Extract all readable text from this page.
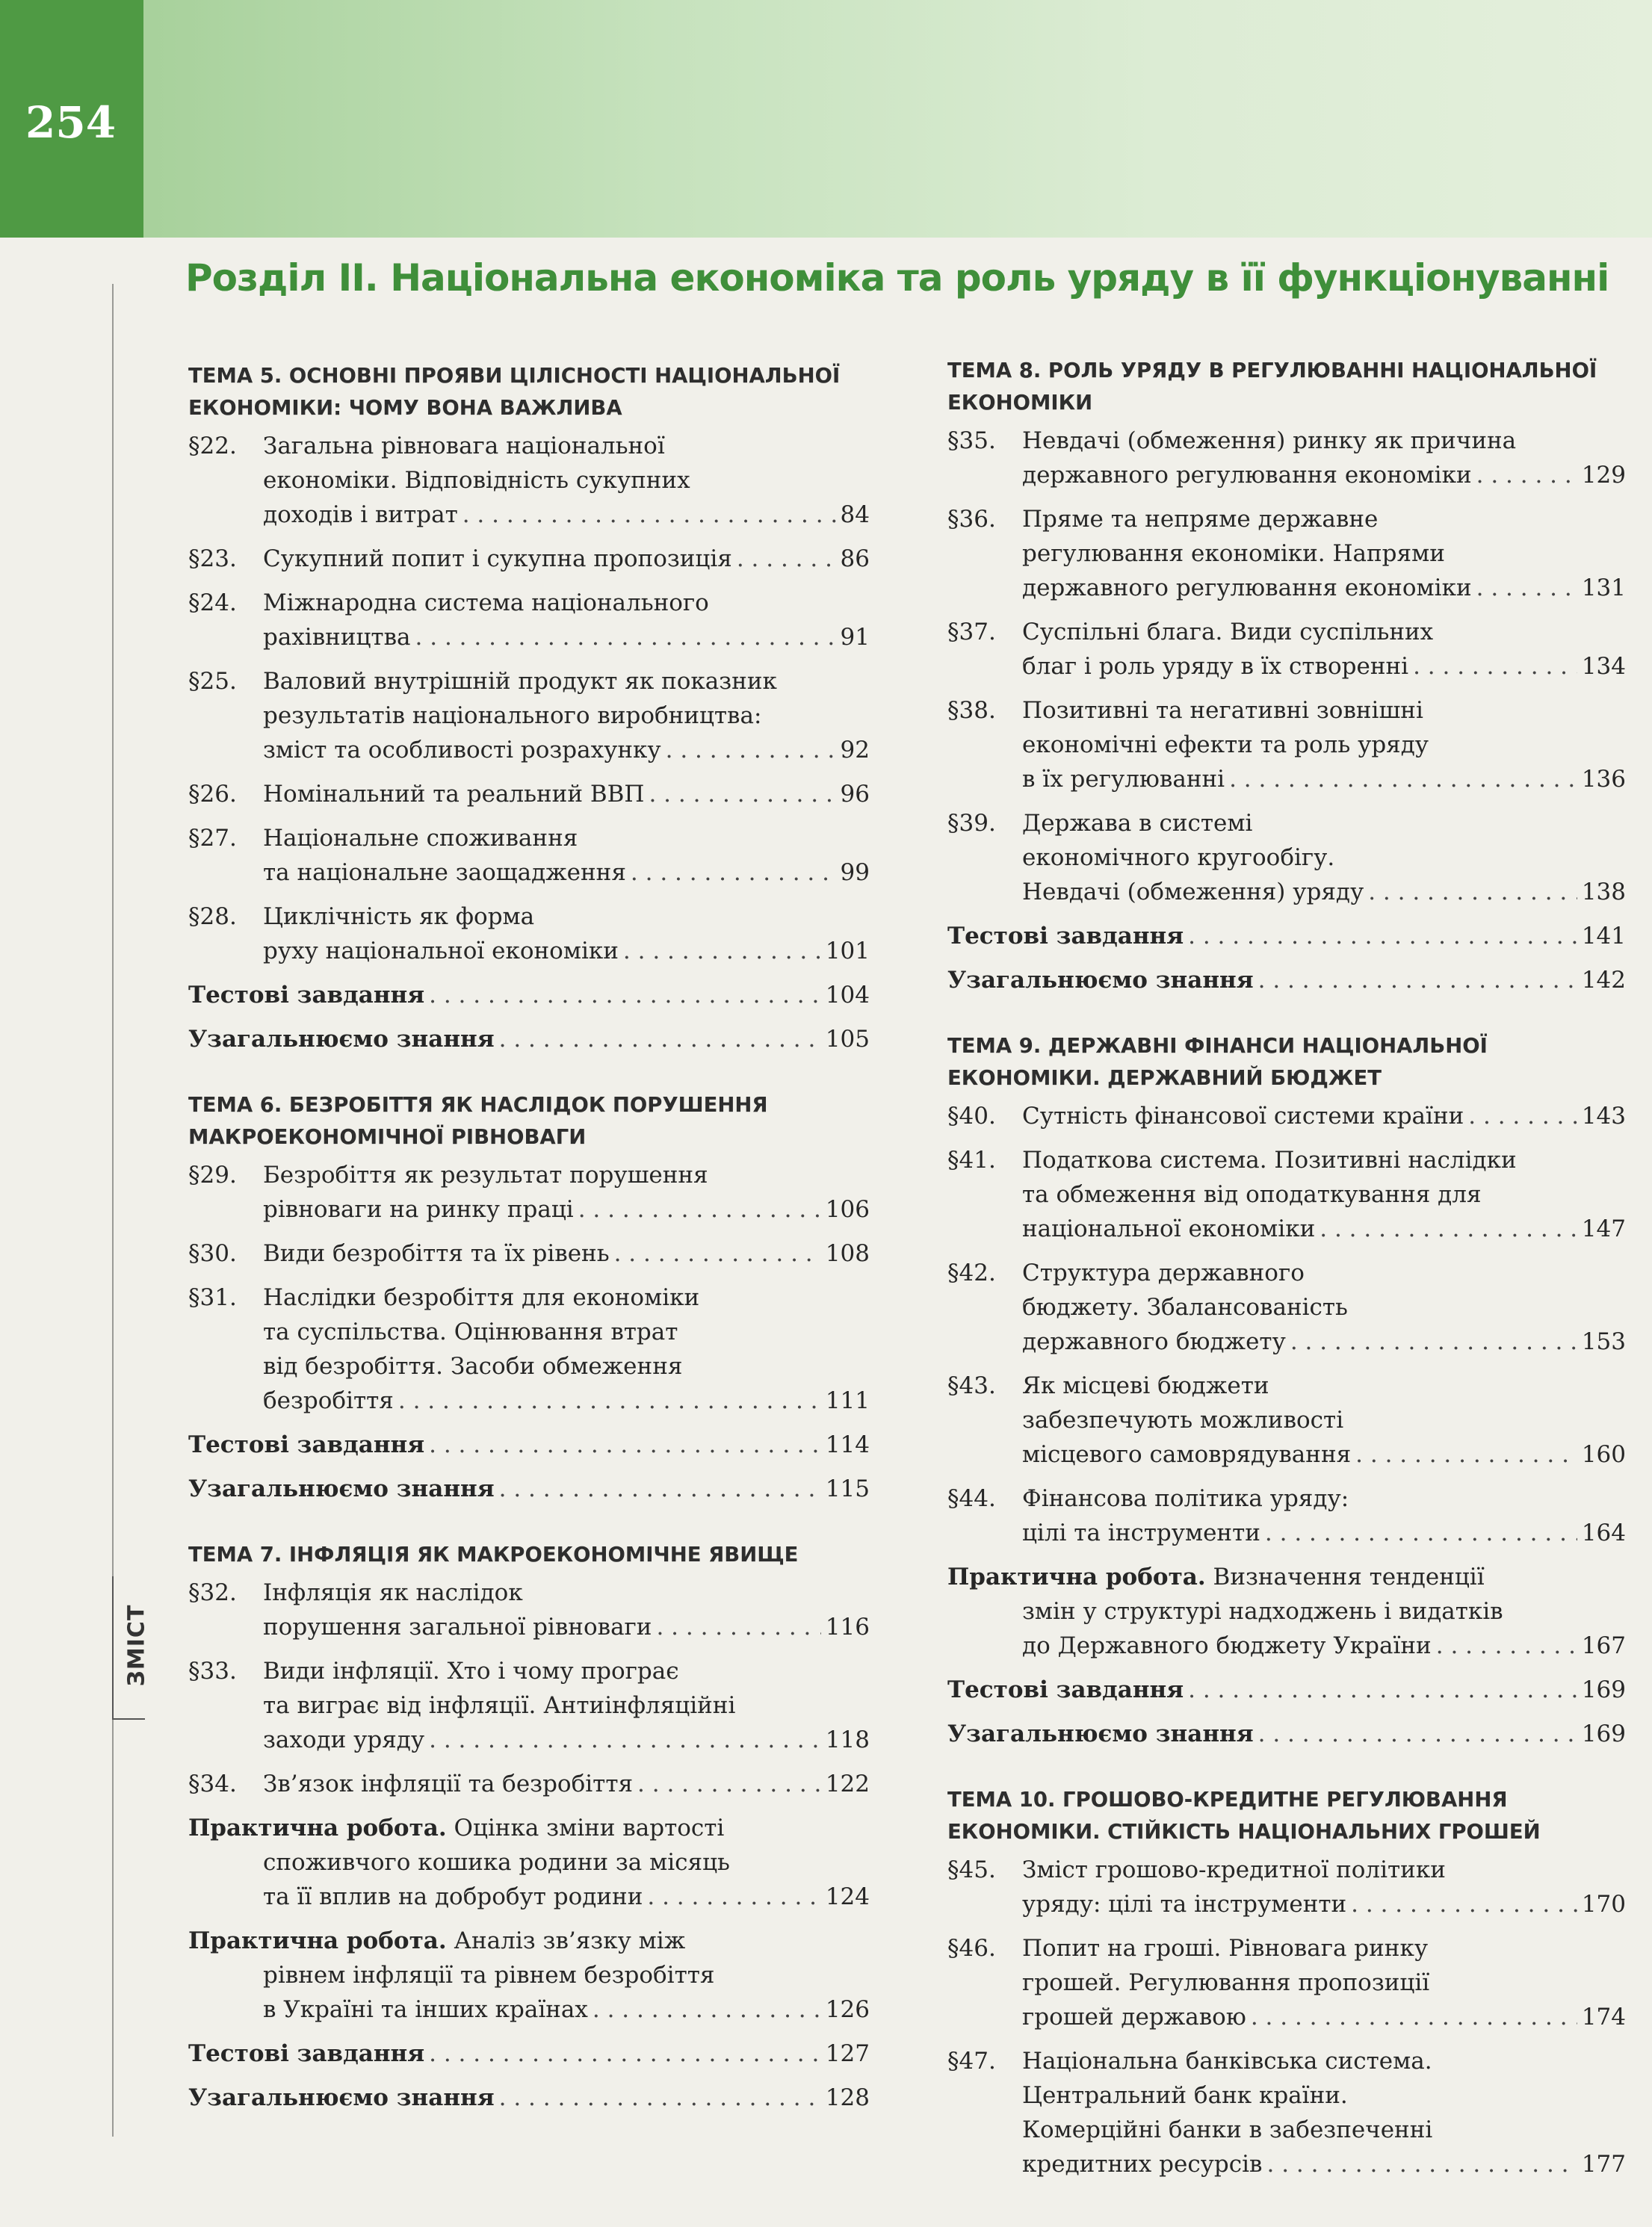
254
ЗМІСТ
Розділ II. Національна економіка та роль уряду в її функціонуванні
ТЕМА 5. ОСНОВНІ ПРОЯВИ ЦІЛІСНОСТІ НАЦІОНАЛЬНОЇ
ЕКОНОМІКИ: ЧОМУ ВОНА ВАЖЛИВА
§22.	Загальна рівновага національної
економіки. Відповідність сукупних
доходів і витрат . . .	84
§23.	Сукупний попит і сукупна пропозиція . . .	86
§24.	Міжнародна система національного
рахівництва . . .	91
§25.	Валовий внутрішній продукт як показник
результатів національного виробництва:
зміст та особливості розрахунку . . .	92
§26.	Номінальний та реальний ВВП . . .	96
§27.	Національне споживання
та національне заощадження . . .	99
§28.	Циклічність як форма
руху національної економіки . . .	101
Тестові завдання . . .	104
Узагальнюємо знання . . .	105
ТЕМА 6. БЕЗРОБІТТЯ ЯК НАСЛІДОК ПОРУШЕННЯ
МАКРОЕКОНОМІЧНОЇ РІВНОВАГИ
§29.	Безробіття як результат порушення
рівноваги на ринку праці . . .	106
§30.	Види безробіття та їх рівень . . .	108
§31.	Наслідки безробіття для економіки
та суспільства. Оцінювання втрат
від безробіття. Засоби обмеження
безробіття . . .	111
Тестові завдання . . .	114
Узагальнюємо знання . . .	115
ТЕМА 7. ІНФЛЯЦІЯ ЯК МАКРОЕКОНОМІЧНЕ ЯВИЩЕ
§32.	Інфляція як наслідок
порушення загальної рівноваги . . .	116
§33.	Види інфляції. Хто і чому програє
та виграє від інфляції. Антиінфляційні
заходи уряду . . .	118
§34.	Зв’язок інфляції та безробіття . . .	122
Практична робота. Оцінка зміни вартості
споживчого кошика родини за місяць
та її вплив на добробут родини . . .	124
Практична робота. Аналіз зв’язку між
рівнем інфляції та рівнем безробіття
в Україні та інших країнах . . .	126
Тестові завдання . . .	127
Узагальнюємо знання . . .	128
ТЕМА 8. РОЛЬ УРЯДУ В РЕГУЛЮВАННІ НАЦІОНАЛЬНОЇ
ЕКОНОМІКИ
§35.	Невдачі (обмеження) ринку як причина
державного регулювання економіки . . .	129
§36.	Пряме та непряме державне
регулювання економіки. Напрями
державного регулювання економіки . . .	131
§37.	Суспільні блага. Види суспільних
благ і роль уряду в їх створенні . . .	134
§38.	Позитивні та негативні зовнішні
економічні ефекти та роль уряду
в їх регулюванні . . .	136
§39.	Держава в системі
економічного кругообігу.
Невдачі (обмеження) уряду . . .	138
Тестові завдання . . .	141
Узагальнюємо знання . . .	142
ТЕМА 9. ДЕРЖАВНІ ФІНАНСИ НАЦІОНАЛЬНОЇ
ЕКОНОМІКИ. ДЕРЖАВНИЙ БЮДЖЕТ
§40.	Сутність фінансової системи країни . . .	143
§41.	Податкова система. Позитивні наслідки
та обмеження від оподаткування для
національної економіки . . .	147
§42.	Структура державного
бюджету. Збалансованість
державного бюджету . . .	153
§43.	Як місцеві бюджети
забезпечують можливості
місцевого самоврядування . . .	160
§44.	Фінансова політика уряду:
цілі та інструменти . . .	164
Практична робота. Визначення тенденції
змін у структурі надходжень і видатків
до Державного бюджету України . . .	167
Тестові завдання . . .	169
Узагальнюємо знання . . .	169
ТЕМА 10. ГРОШОВО-КРЕДИТНЕ РЕГУЛЮВАННЯ
ЕКОНОМІКИ. СТІЙКІСТЬ НАЦІОНАЛЬНИХ ГРОШЕЙ
§45.	Зміст грошово-кредитної політики
уряду: цілі та інструменти . . .	170
§46.	Попит на гроші. Рівновага ринку
грошей. Регулювання пропозиції
грошей державою . . .	174
§47.	Національна банківська система.
Центральний банк країни.
Комерційні банки в забезпеченні
кредитних ресурсів . . .	177
